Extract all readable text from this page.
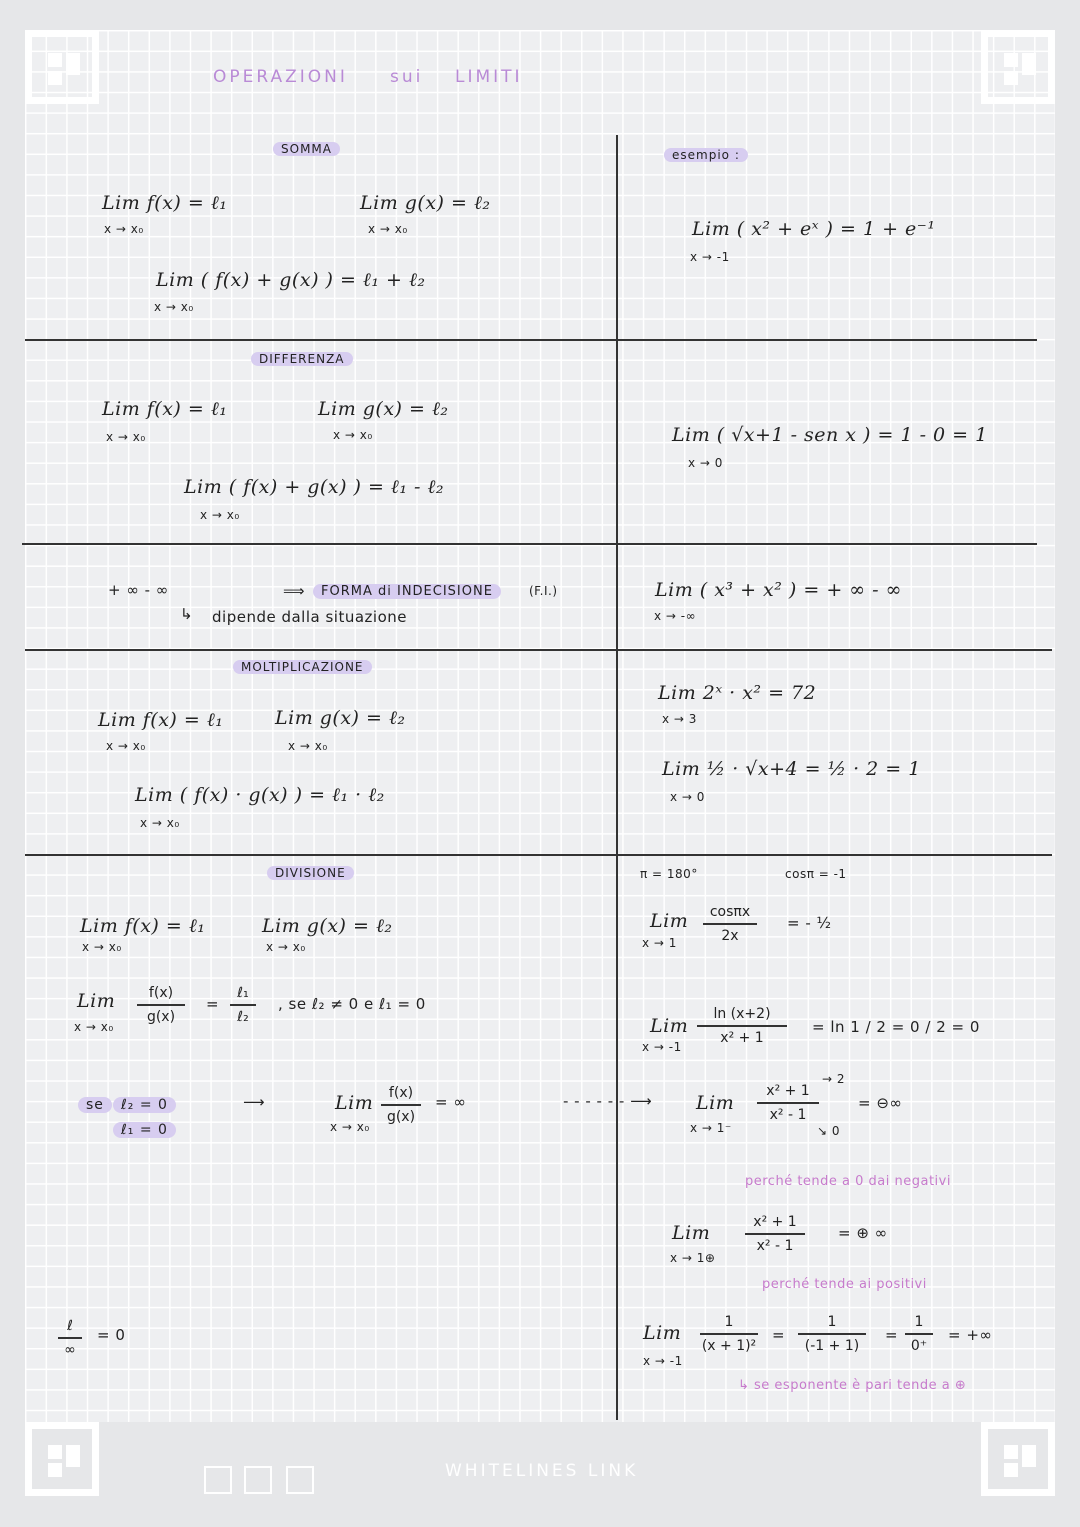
OPERAZIONI sui LIMITI
SOMMA
Lim f(x) = ℓ₁
x → x₀
Lim g(x) = ℓ₂
x → x₀
Lim ( f(x) + g(x) ) = ℓ₁ + ℓ₂
x → x₀
DIFFERENZA
Lim f(x) = ℓ₁
x → x₀
Lim g(x) = ℓ₂
x → x₀
Lim ( f(x) + g(x) ) = ℓ₁ - ℓ₂
x → x₀
+ ∞ - ∞	⟹	FORMA di INDECISIONE	(F.I.)
↳ dipende dalla situazione
MOLTIPLICAZIONE
Lim f(x) = ℓ₁
x → x₀
Lim g(x) = ℓ₂
x → x₀
Lim ( f(x) · g(x) ) = ℓ₁ · ℓ₂
x → x₀
DIVISIONE
Lim f(x) = ℓ₁
x → x₀
Lim g(x) = ℓ₂
x → x₀
Lim
x → x₀
f(x)
g(x)
=
ℓ₁
ℓ₂
, se ℓ₂ ≠ 0 e ℓ₁ = 0
se	ℓ₂ = 0
ℓ₁ = 0
⟶	Lim
x → x₀
f(x)
g(x)
= ∞
ℓ
∞
= 0
esempio :
Lim ( x² + eˣ ) = 1 + e⁻¹
x → -1
Lim ( √x+1 - sen x ) = 1 - 0 = 1
x → 0
Lim ( x³ + x² ) = + ∞ - ∞
x → -∞
Lim 2ˣ · x² = 72
x → 3
Lim ½ · √x+4 = ½ · 2 = 1
x → 0
π = 180°	cosπ = -1
Lim
x → 1
cosπx
2x
= - ½
Lim
x → -1
ln (x+2)
x² + 1
= ln 1 / 2 = 0 / 2 = 0
- - - - - - ⟶ Lim
x → 1⁻
x² + 1
x² - 1
→ 2
↘ 0
= ⊖∞
perché tende a 0 dai negativi
Lim
x → 1⊕
x² + 1
x² - 1
= ⊕ ∞
perché tende ai positivi
Lim
x → -1
1
(x + 1)²
=
1
(-1 + 1)
=
1
0⁺
= +∞
↳ se esponente è pari tende a ⊕
WHITELINES LINK
